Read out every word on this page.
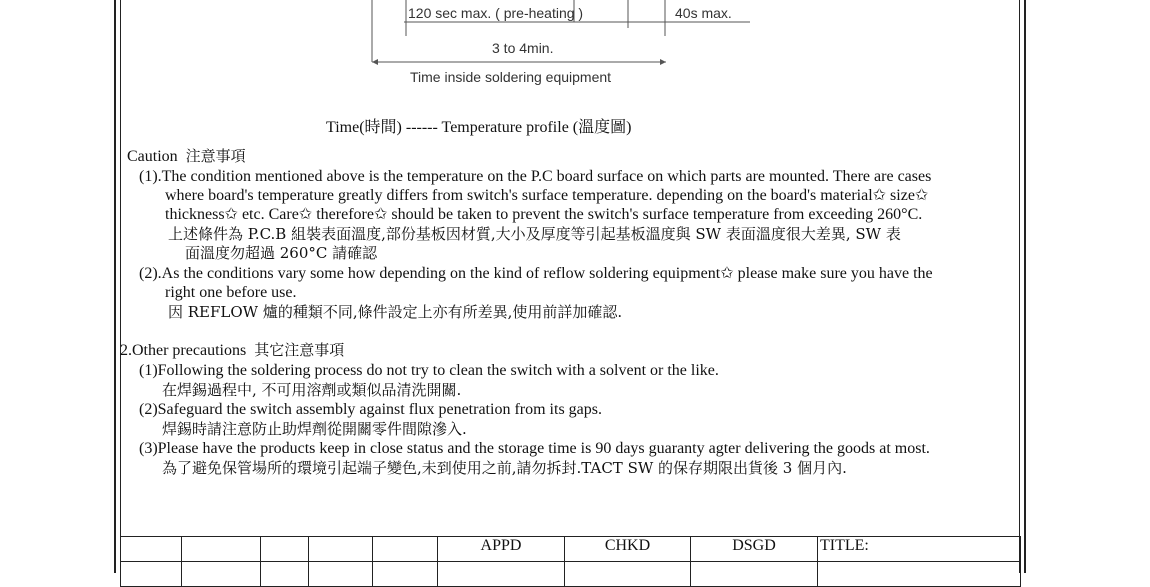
120 sec max. ( pre-heating )	40s max.
3 to 4min.
Time inside soldering equipment
Time(時間) ------ Temperature profile (溫度圖)
Caution 注意事項
(1).The condition mentioned above is the temperature on the P.C board surface on which parts are mounted. There are cases
where board's temperature greatly differs from switch's surface temperature. depending on the board's material✩ size✩
thickness✩ etc. Care✩ therefore✩ should be taken to prevent the switch's surface temperature from exceeding 260°C.
上述條件為 P.C.B 組裝表面溫度,部份基板因材質,大小及厚度等引起基板溫度與 SW 表面溫度很大差異, SW 表
面溫度勿超過 260°C 請確認
(2).As the conditions vary some how depending on the kind of reflow soldering equipment✩ please make sure you have the
right one before use.
因 REFLOW 爐的種類不同,條件設定上亦有所差異,使用前詳加確認.
2.Other precautions 其它注意事項
(1)Following the soldering process do not try to clean the switch with a solvent or the like.
在焊錫過程中, 不可用溶劑或類似品清洗開關.
(2)Safeguard the switch assembly against flux penetration from its gaps.
焊錫時請注意防止助焊劑從開關零件間隙滲入.
(3)Please have the products keep in close status and the storage time is 90 days guaranty agter delivering the goods at most.
為了避免保管場所的環境引起端子變色,未到使用之前,請勿拆封.TACT SW 的保存期限出貨後 3 個月內.
					APPD	CHKD	DSGD	TITLE:
